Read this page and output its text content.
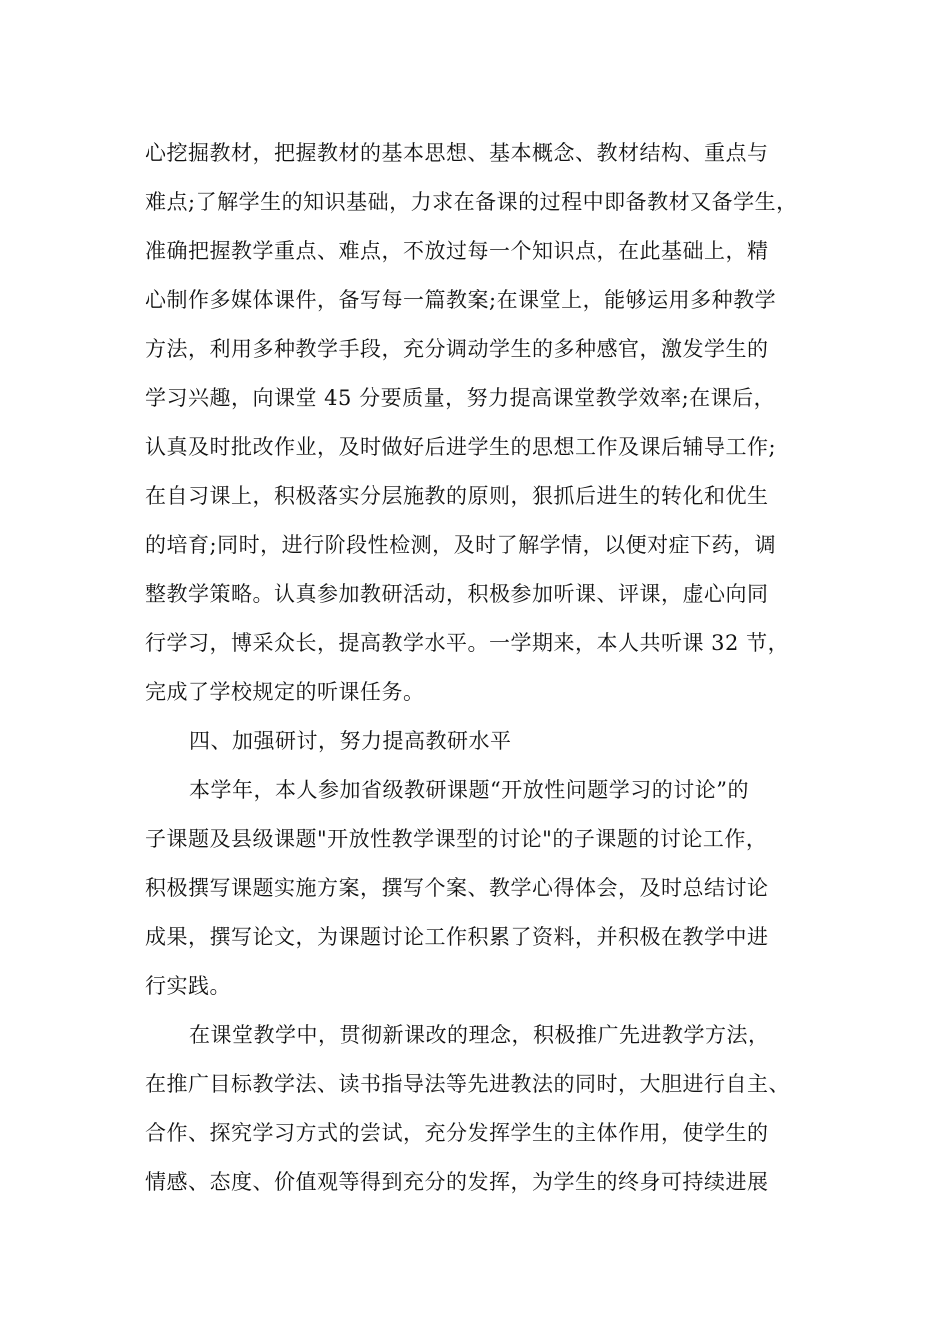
心挖掘教材，把握教材的基本思想、基本概念、教材结构、重点与
难点;了解学生的知识基础，力求在备课的过程中即备教材又备学生，
准确把握教学重点、难点，不放过每一个知识点，在此基础上，精
心制作多媒体课件，备写每一篇教案;在课堂上，能够运用多种教学
方法，利用多种教学手段，充分调动学生的多种感官，激发学生的
学习兴趣，向课堂 45 分要质量，努力提高课堂教学效率;在课后，
认真及时批改作业，及时做好后进学生的思想工作及课后辅导工作;
在自习课上，积极落实分层施教的原则，狠抓后进生的转化和优生
的培育;同时，进行阶段性检测，及时了解学情，以便对症下药，调
整教学策略。认真参加教研活动，积极参加听课、评课，虚心向同
行学习，博采众长，提高教学水平。一学期来，本人共听课 32 节，
完成了学校规定的听课任务。
四、加强研讨，努力提高教研水平
本学年，本人参加省级教研课题“开放性问题学习的讨论”的
子课题及县级课题"开放性教学课型的讨论"的子课题的讨论工作，
积极撰写课题实施方案，撰写个案、教学心得体会，及时总结讨论
成果，撰写论文，为课题讨论工作积累了资料，并积极在教学中进
行实践。
在课堂教学中，贯彻新课改的理念，积极推广先进教学方法，
在推广目标教学法、读书指导法等先进教法的同时，大胆进行自主、
合作、探究学习方式的尝试，充分发挥学生的主体作用，使学生的
情感、态度、价值观等得到充分的发挥，为学生的终身可持续进展
